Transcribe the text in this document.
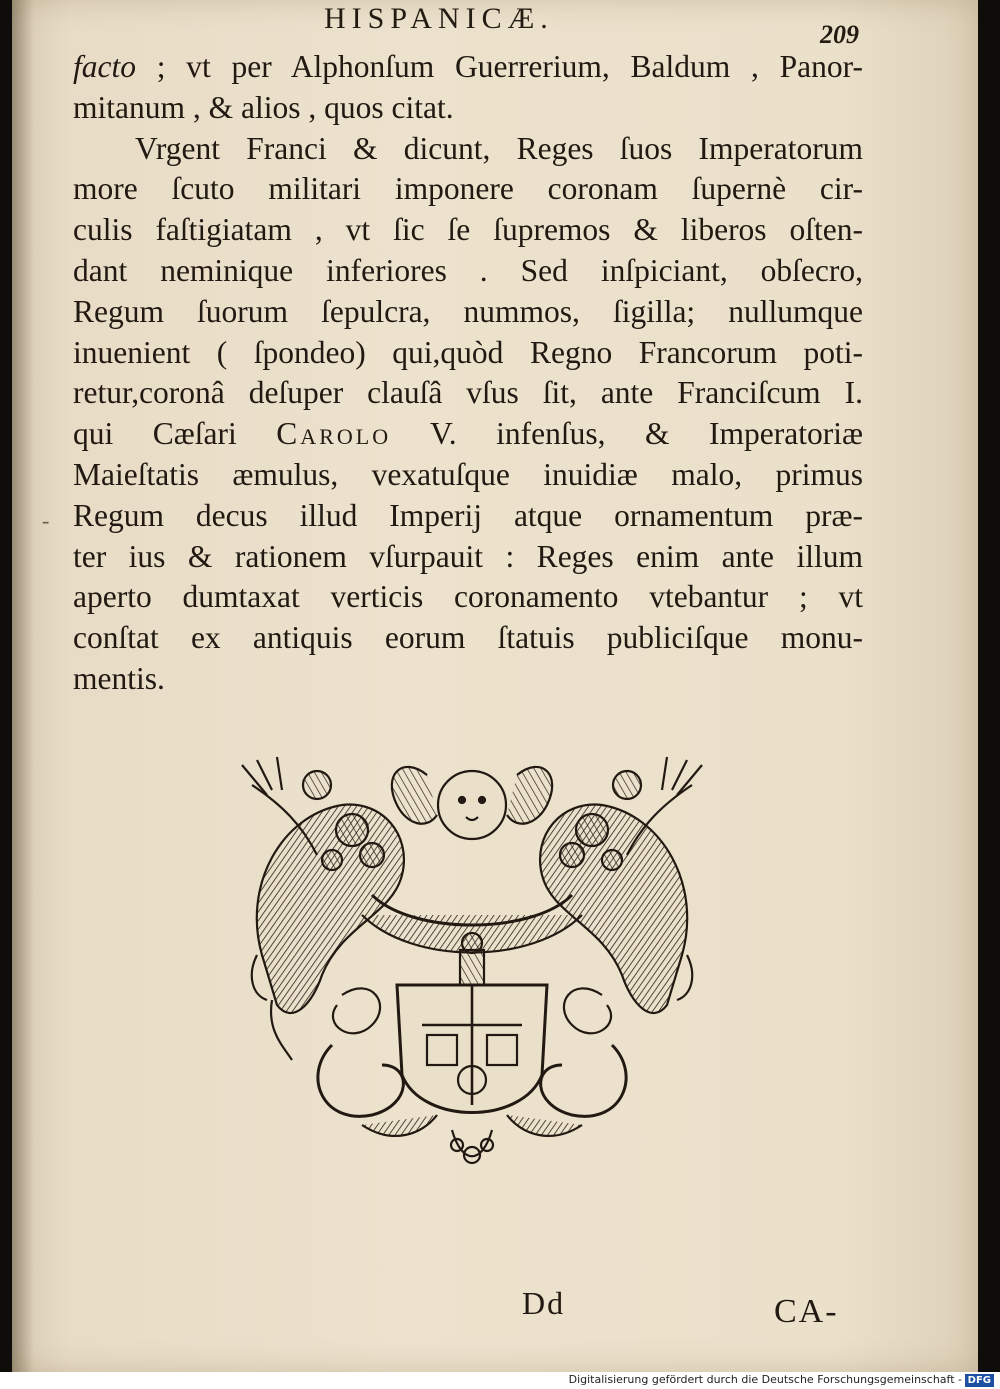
HISPANICÆ.	209
facto ; vt per Alphonſum Guerrerium, Baldum , Panor-
mitanum , & alios , quos citat.
Vrgent Franci & dicunt, Reges ſuos Imperatorum
more ſcuto militari imponere coronam ſupernè cir-
culis faſtigiatam , vt ſic ſe ſupremos & liberos oſten-
dant neminique inferiores . Sed inſpiciant, obſecro,
Regum ſuorum ſepulcra, nummos, ſigilla; nullumque
inuenient ( ſpondeo) qui,quòd Regno Francorum poti-
retur,coronâ deſuper clauſâ vſus ſit, ante Franciſcum I.
qui Cæſari Carolo V. infenſus, & Imperatoriæ
Maieſtatis æmulus, vexatuſque inuidiæ malo, primus
Regum decus illud Imperij atque ornamentum præ-
ter ius & rationem vſurpauit : Reges enim ante illum
aperto dumtaxat verticis coronamento vtebantur ; vt
conſtat ex antiquis eorum ſtatuis publiciſque monu-
mentis.
-
Dd	CA-
Digitalisierung gefördert durch die Deutsche Forschungsgemeinschaft - DFG
